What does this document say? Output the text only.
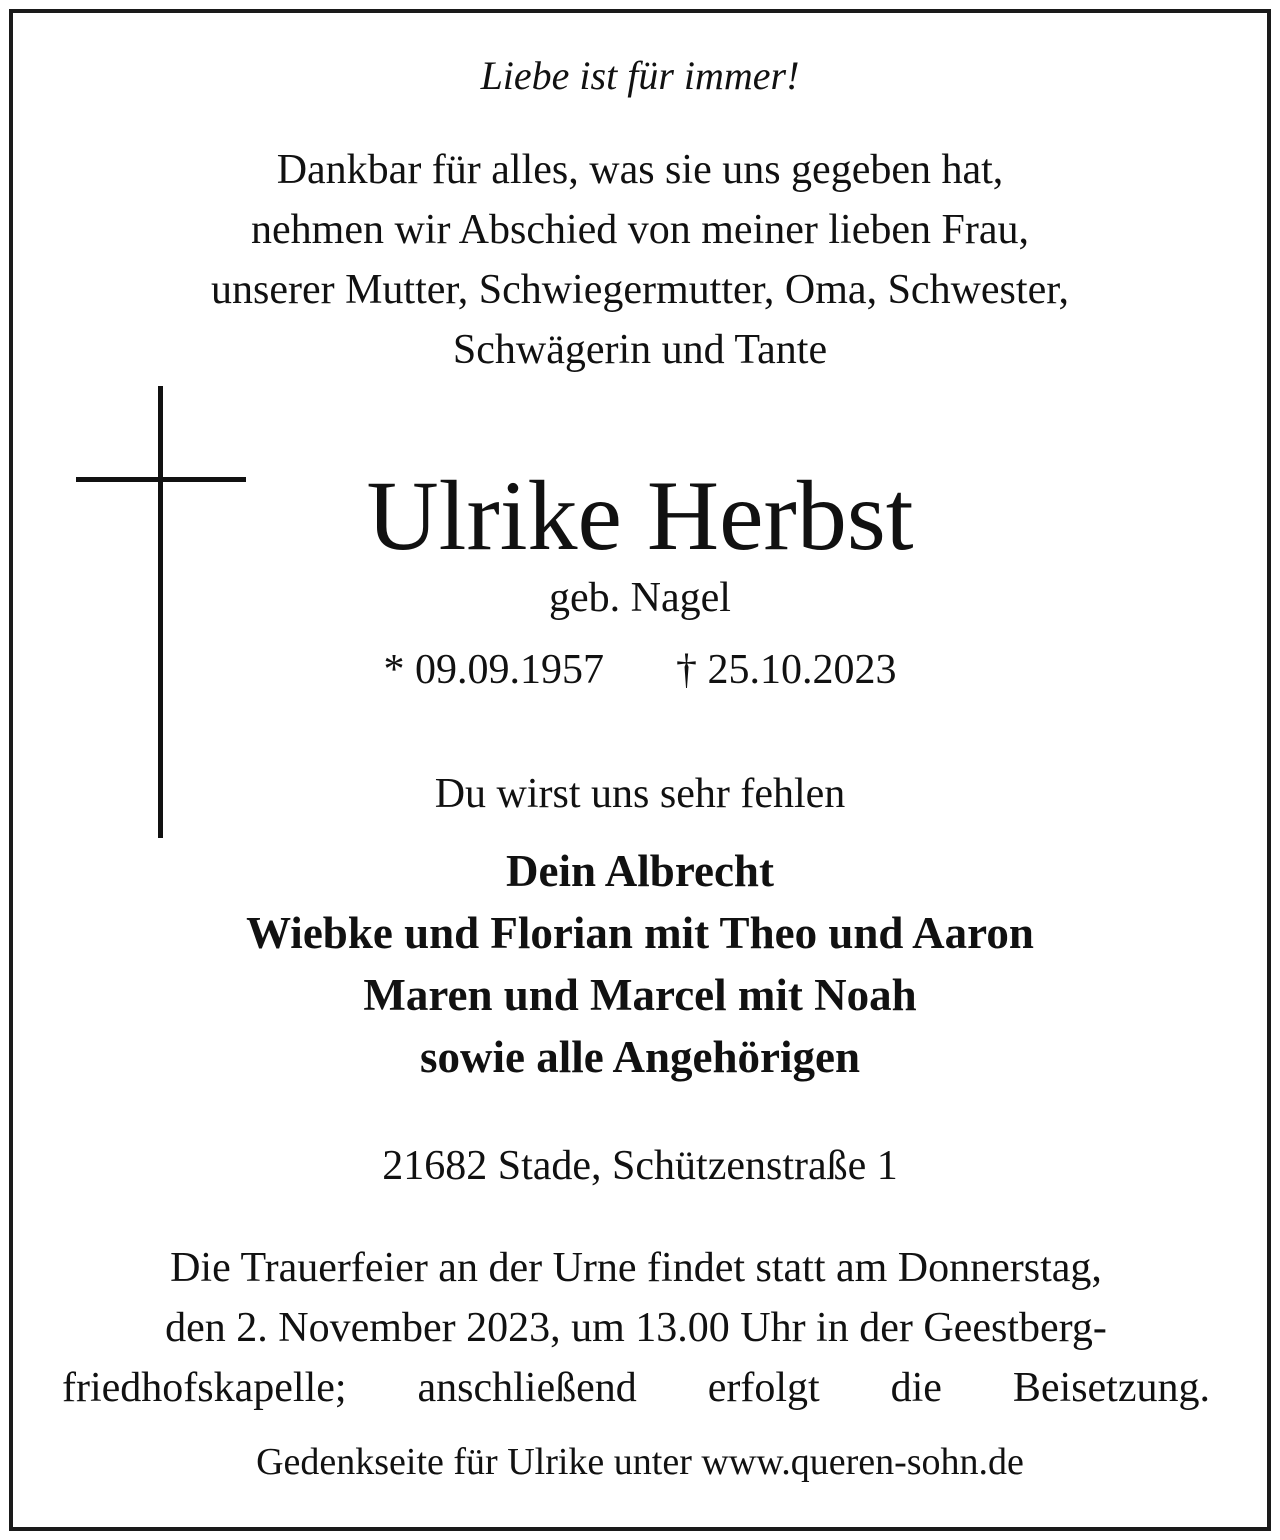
Liebe ist für immer!
Dankbar für alles, was sie uns gegeben hat,
nehmen wir Abschied von meiner lieben Frau,
unserer Mutter, Schwiegermutter, Oma, Schwester,
Schwägerin und Tante
Ulrike Herbst
geb. Nagel
* 09.09.1957 † 25.10.2023
Du wirst uns sehr fehlen
Dein Albrecht
Wiebke und Florian mit Theo und Aaron
Maren und Marcel mit Noah
sowie alle Angehörigen
21682 Stade, Schützenstraße 1
Die Trauerfeier an der Urne findet statt am Donnerstag,
den 2. November 2023, um 13.00 Uhr in der Geestberg-
friedhofskapelle; anschließend erfolgt die Beisetzung.
Gedenkseite für Ulrike unter www.queren-sohn.de
